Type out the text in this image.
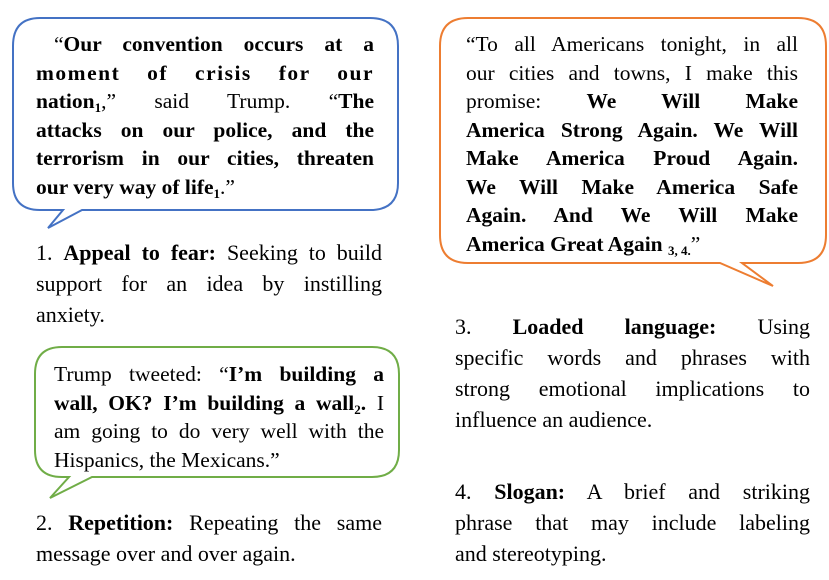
“Our convention occurs at a
moment of crisis for our
nation$_1$,” said Trump. “The
attacks on our police, and the
terrorism in our cities, threaten
our very way of life$_1$.”
1. Appeal to fear: Seeking to build
support for an idea by instilling
anxiety.
Trump tweeted: “I’m building a
wall, OK? I’m building a wall$_2$. I
am going to do very well with the
Hispanics, the Mexicans.”
2. Repetition: Repeating the same
message over and over again.
“To all Americans tonight, in all
our cities and towns, I make this
promise: We Will Make
America Strong Again. We Will
Make America Proud Again.
We Will Make America Safe
Again. And We Will Make
America Great Again $_{3, 4.}$”
3. Loaded language: Using
specific words and phrases with
strong emotional implications to
influence an audience.
4. Slogan: A brief and striking
phrase that may include labeling
and stereotyping.
